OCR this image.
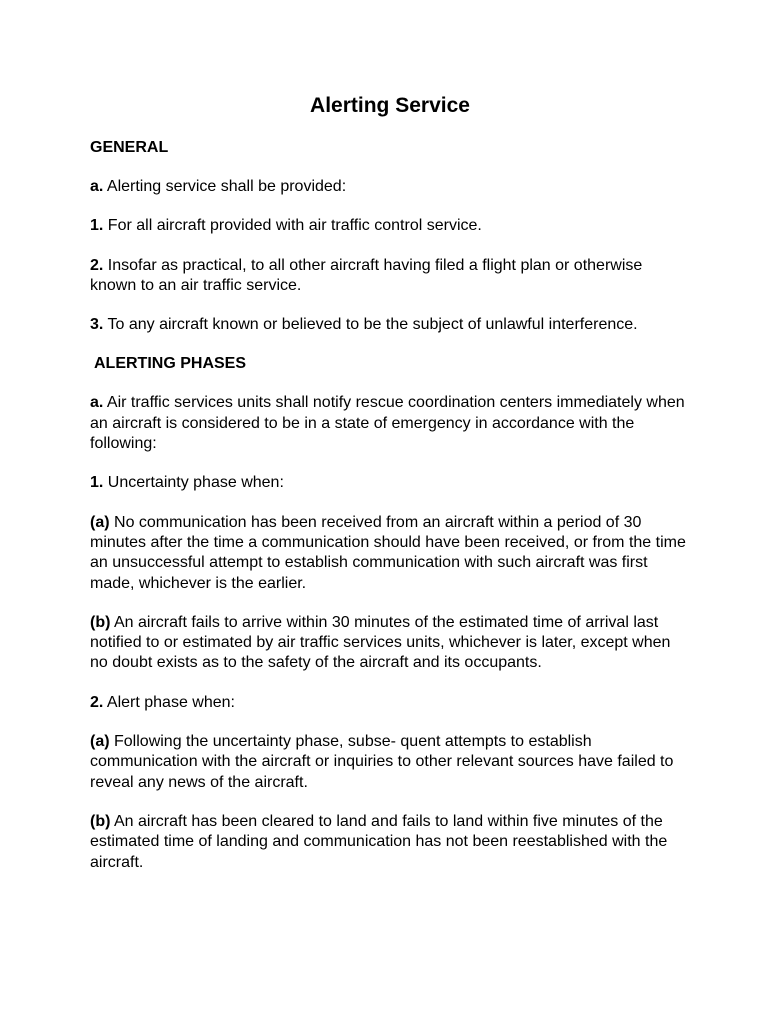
Alerting Service
GENERAL

a. Alerting service shall be provided:

1. For all aircraft provided with air traffic control service.

2. Insofar as practical, to all other aircraft having filed a flight plan or otherwise known to an air traffic service.

3. To any aircraft known or believed to be the subject of unlawful interference.

ALERTING PHASES

a. Air traffic services units shall notify rescue coordination centers immediately when an aircraft is considered to be in a state of emergency in accordance with the following:

1. Uncertainty phase when:

(a) No communication has been received from an aircraft within a period of 30 minutes after the time a communication should have been received, or from the time an unsuccessful attempt to establish communication with such aircraft was first made, whichever is the earlier.

(b) An aircraft fails to arrive within 30 minutes of the estimated time of arrival last notified to or estimated by air traffic services units, whichever is later, except when no doubt exists as to the safety of the aircraft and its occupants.

2. Alert phase when:

(a) Following the uncertainty phase, subse- quent attempts to establish communication with the aircraft or inquiries to other relevant sources have failed to reveal any news of the aircraft.

(b) An aircraft has been cleared to land and fails to land within five minutes of the estimated time of landing and communication has not been reestablished with the aircraft.
